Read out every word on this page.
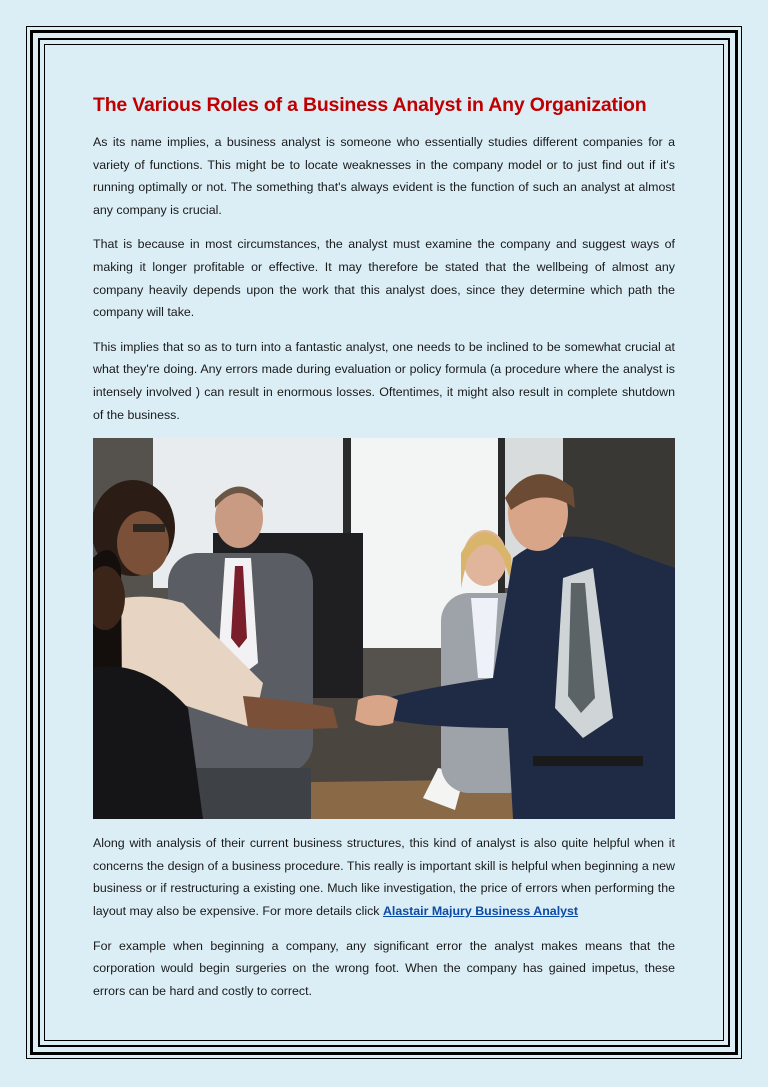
The Various Roles of a Business Analyst in Any Organization

As its name implies, a business analyst is someone who essentially studies different companies for a variety of functions. This might be to locate weaknesses in the company model or to just find out if it's running optimally or not. The something that's always evident is the function of such an analyst at almost any company is crucial.

That is because in most circumstances, the analyst must examine the company and suggest ways of making it longer profitable or effective. It may therefore be stated that the wellbeing of almost any company heavily depends upon the work that this analyst does, since they determine which path the company will take.

This implies that so as to turn into a fantastic analyst, one needs to be inclined to be somewhat crucial at what they're doing. Any errors made during evaluation or policy formula (a procedure where the analyst is intensely involved ) can result in enormous losses. Oftentimes, it might also result in complete shutdown of the business.

Along with analysis of their current business structures, this kind of analyst is also quite helpful when it concerns the design of a business procedure. This really is important skill is helpful when beginning a new business or if restructuring a existing one. Much like investigation, the price of errors when performing the layout may also be expensive. For more details click Alastair Majury Business Analyst

For example when beginning a company, any significant error the analyst makes means that the corporation would begin surgeries on the wrong foot. When the company has gained impetus, these errors can be hard and costly to correct.
